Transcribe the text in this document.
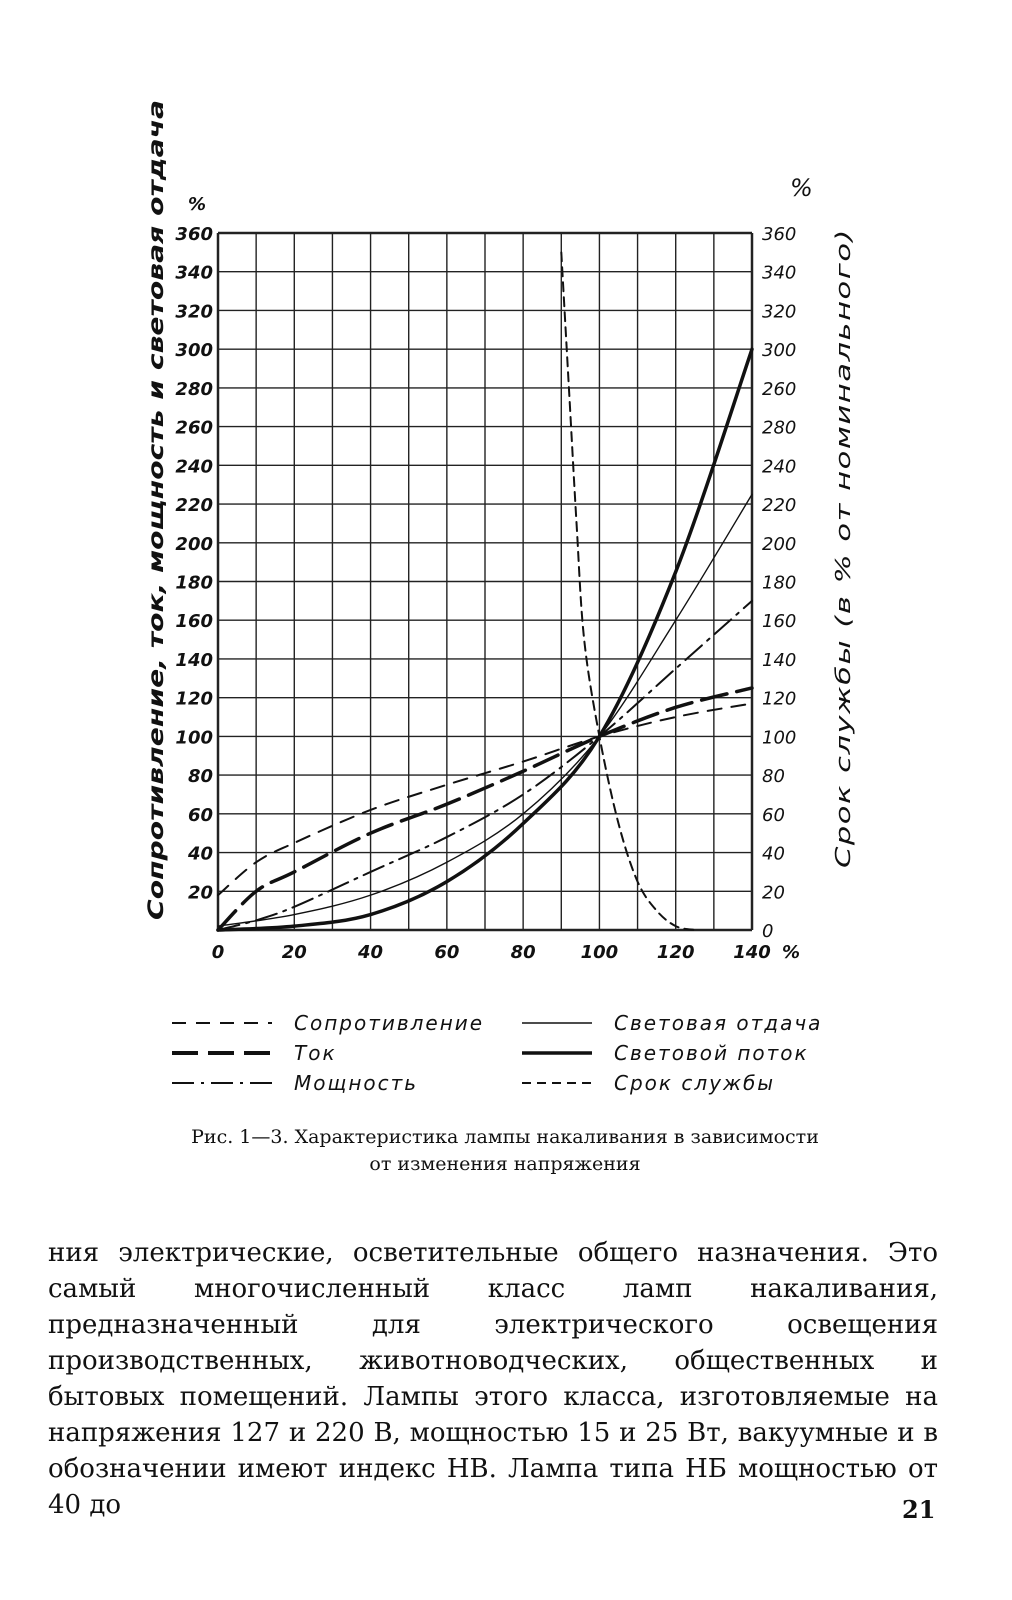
0	20	40	60	80 100 120 140
20
40
60
80
100
120
140
160
180
200
220
240
260
280
300
320
340
360
0
20
40
60
80
100
120
140
160
180
200
220
240
280
260
300
320
340
360
%
%
%
Сопротивление, ток, мощность и световая отдача	Срок службы (в % от номинального)
Сопротивление
Ток
Мощность
Световая отдача
Световой поток
Срок службы
Рис. 1—3. Характеристика лампы накаливания в зависимости
от изменения напряжения

ния электрические, осветительные общего назначения. Это самый многочисленный класс ламп накаливания, предназначенный для электрического освещения производственных, животноводческих, общественных и бытовых помещений. Лампы этого класса, изготовляемые на напряжения 127 и 220 В, мощностью 15 и 25 Вт, вакуумные и в обозначении имеют индекс НВ. Лампа типа НБ мощностью от 40 до	21
